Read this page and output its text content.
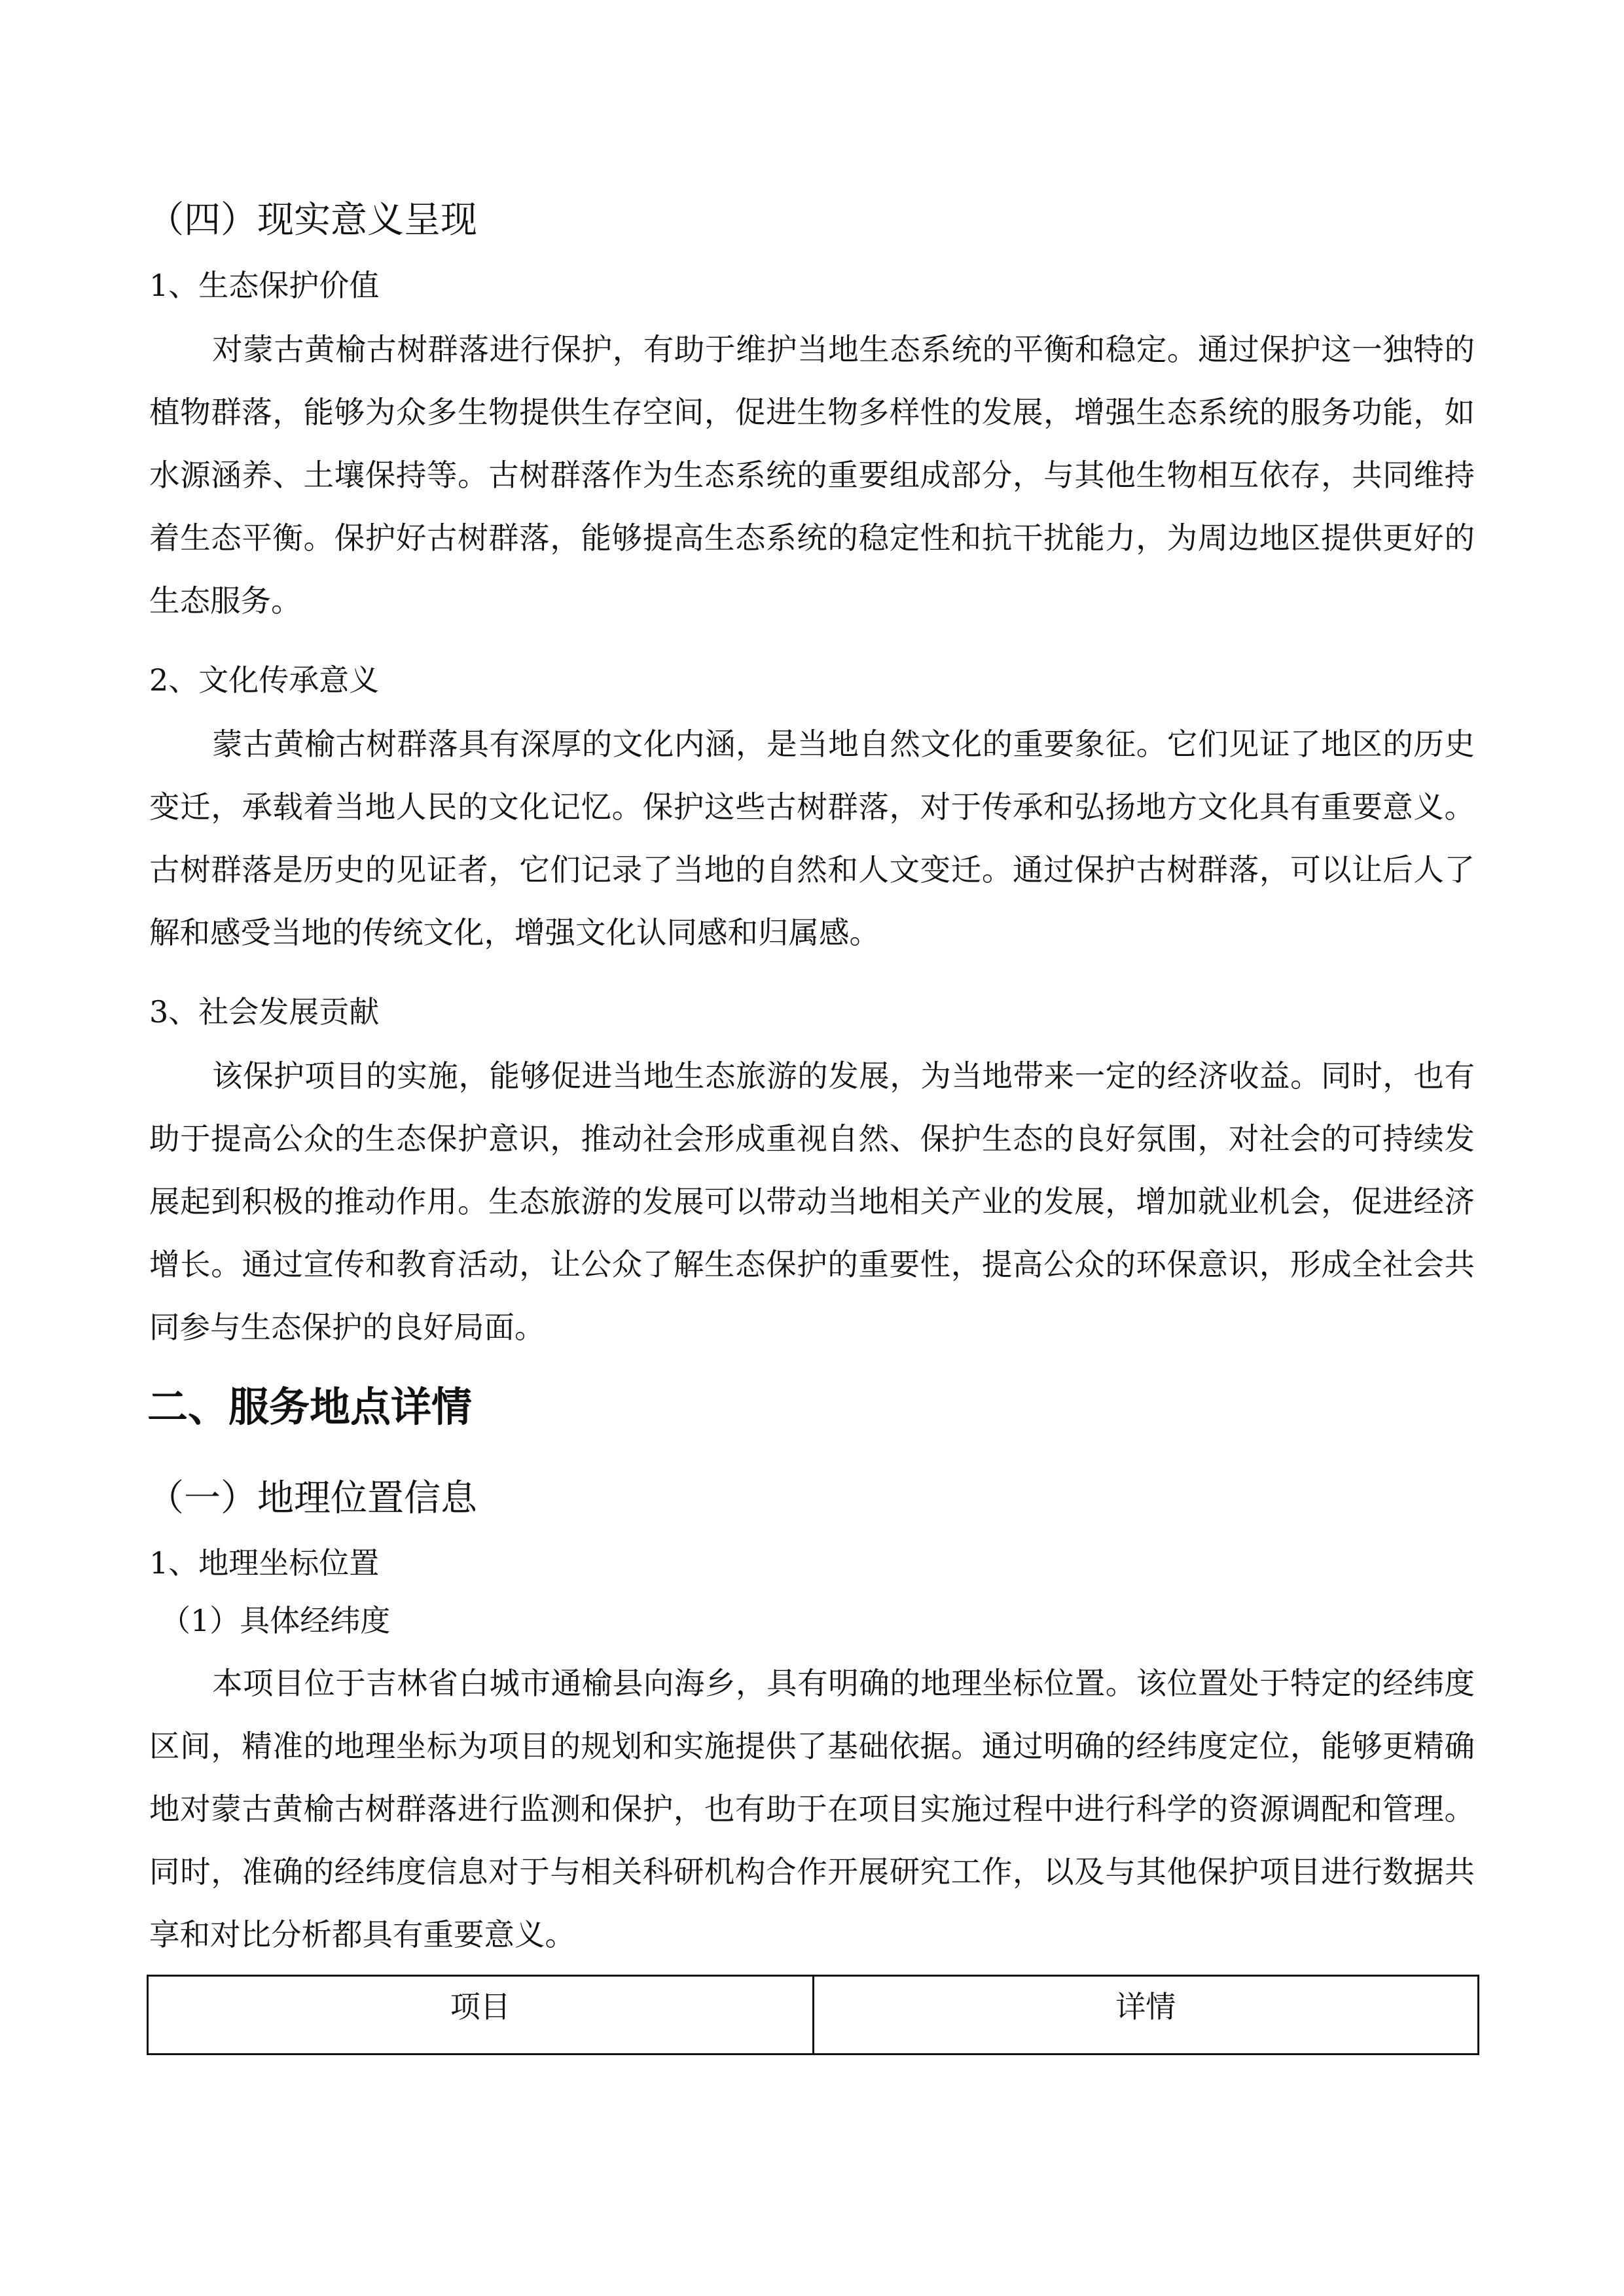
（四）现实意义呈现
1、生态保护价值

对蒙古黄榆古树群落进行保护，有助于维护当地生态系统的平衡和稳定。通过保护这一独特的植物群落，能够为众多生物提供生存空间，促进生物多样性的发展，增强生态系统的服务功能，如水源涵养、土壤保持等。古树群落作为生态系统的重要组成部分，与其他生物相互依存，共同维持着生态平衡。保护好古树群落，能够提高生态系统的稳定性和抗干扰能力，为周边地区提供更好的生态服务。

2、文化传承意义

蒙古黄榆古树群落具有深厚的文化内涵，是当地自然文化的重要象征。它们见证了地区的历史变迁，承载着当地人民的文化记忆。保护这些古树群落，对于传承和弘扬地方文化具有重要意义。古树群落是历史的见证者，它们记录了当地的自然和人文变迁。通过保护古树群落，可以让后人了解和感受当地的传统文化，增强文化认同感和归属感。

3、社会发展贡献

该保护项目的实施，能够促进当地生态旅游的发展，为当地带来一定的经济收益。同时，也有助于提高公众的生态保护意识，推动社会形成重视自然、保护生态的良好氛围，对社会的可持续发展起到积极的推动作用。生态旅游的发展可以带动当地相关产业的发展，增加就业机会，促进经济增长。通过宣传和教育活动，让公众了解生态保护的重要性，提高公众的环保意识，形成全社会共同参与生态保护的良好局面。

二、服务地点详情
（一）地理位置信息
1、地理坐标位置
（1）具体经纬度

本项目位于吉林省白城市通榆县向海乡，具有明确的地理坐标位置。该位置处于特定的经纬度区间，精准的地理坐标为项目的规划和实施提供了基础依据。通过明确的经纬度定位，能够更精确地对蒙古黄榆古树群落进行监测和保护，也有助于在项目实施过程中进行科学的资源调配和管理。同时，准确的经纬度信息对于与相关科研机构合作开展研究工作，以及与其他保护项目进行数据共享和对比分析都具有重要意义。

项目	详情
